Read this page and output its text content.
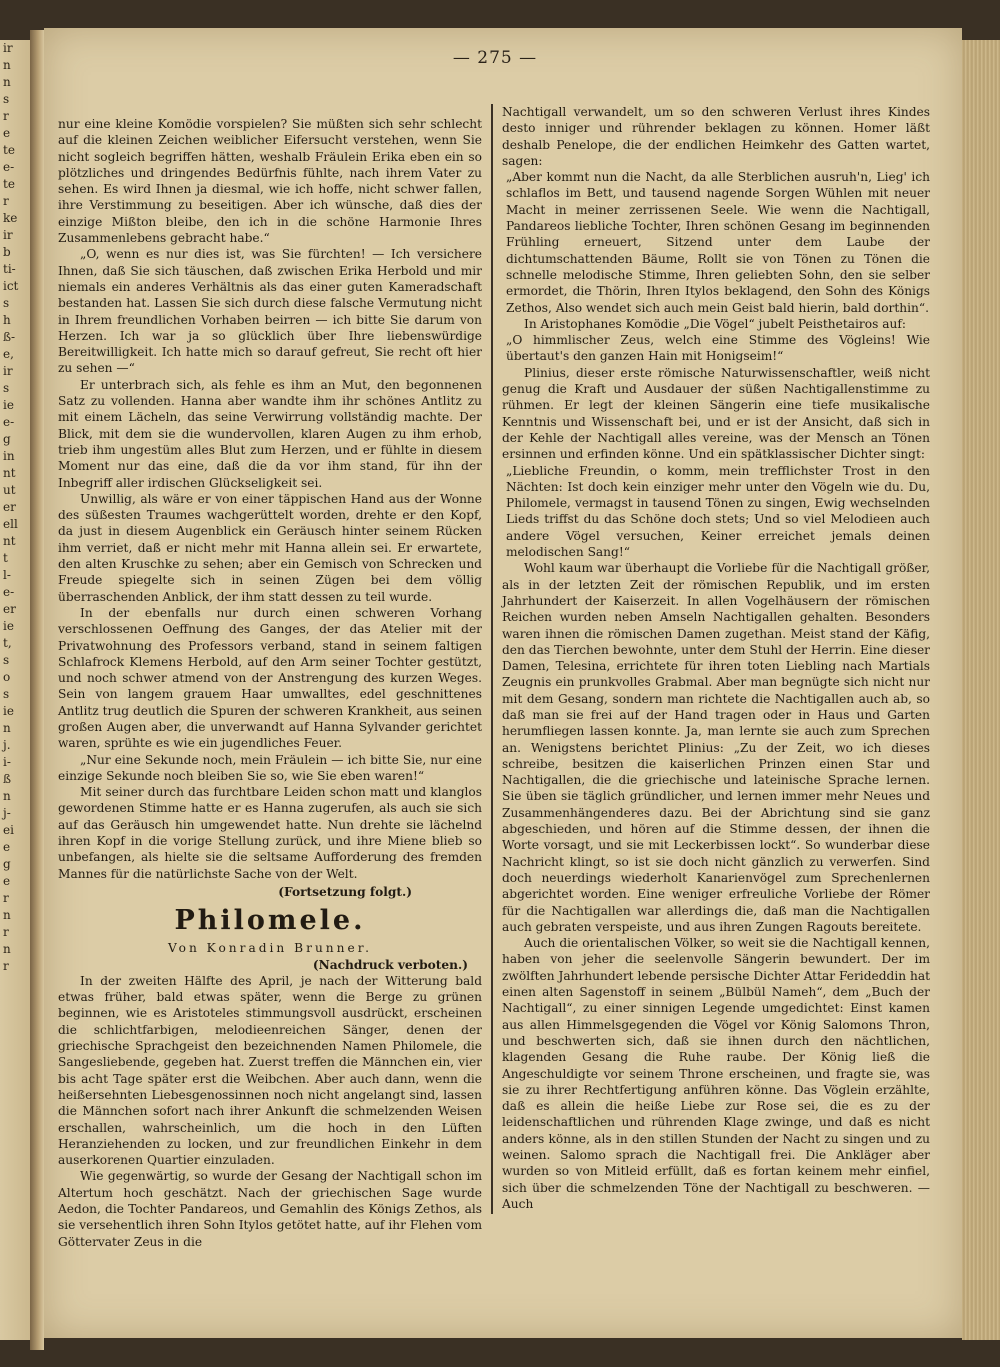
ir
n
n
s
r
e
te
e-
te
r
ke
ir
b
ti-
ict
s
h
ß-
e,
ir
s
ie
e-
g
in
nt
ut
er
ell
nt
t
l-
e-
er
ie
t,
s
o
s
ie
n
j.
i-
ß
n
j-
ei
e
g
e
r
n
r
n
r
— 275 —

nur eine kleine Komödie vorspielen? Sie müßten sich sehr schlecht auf die kleinen Zeichen weiblicher Eifersucht verstehen, wenn Sie nicht sogleich begriffen hätten, weshalb Fräulein Erika eben ein so plötzliches und dringendes Bedürfnis fühlte, nach ihrem Vater zu sehen. Es wird Ihnen ja diesmal, wie ich hoffe, nicht schwer fallen, ihre Verstimmung zu beseitigen. Aber ich wünsche, daß dies der einzige Mißton bleibe, den ich in die schöne Harmonie Ihres Zusammenlebens gebracht habe.“

„O, wenn es nur dies ist, was Sie fürchten! — Ich versichere Ihnen, daß Sie sich täuschen, daß zwischen Erika Herbold und mir niemals ein anderes Verhältnis als das einer guten Kameradschaft bestanden hat. Lassen Sie sich durch diese falsche Vermutung nicht in Ihrem freundlichen Vorhaben beirren — ich bitte Sie darum von Herzen. Ich war ja so glücklich über Ihre liebenswürdige Bereitwilligkeit. Ich hatte mich so darauf gefreut, Sie recht oft hier zu sehen —“

Er unterbrach sich, als fehle es ihm an Mut, den begonnenen Satz zu vollenden. Hanna aber wandte ihm ihr schönes Antlitz zu mit einem Lächeln, das seine Verwirrung vollständig machte. Der Blick, mit dem sie die wundervollen, klaren Augen zu ihm erhob, trieb ihm ungestüm alles Blut zum Herzen, und er fühlte in diesem Moment nur das eine, daß die da vor ihm stand, für ihn der Inbegriff aller irdischen Glückseligkeit sei.

Unwillig, als wäre er von einer täppischen Hand aus der Wonne des süßesten Traumes wachgerüttelt worden, drehte er den Kopf, da just in diesem Augenblick ein Geräusch hinter seinem Rücken ihm verriet, daß er nicht mehr mit Hanna allein sei. Er erwartete, den alten Kruschke zu sehen; aber ein Gemisch von Schrecken und Freude spiegelte sich in seinen Zügen bei dem völlig überraschenden Anblick, der ihm statt dessen zu teil wurde.

In der ebenfalls nur durch einen schweren Vorhang verschlossenen Oeffnung des Ganges, der das Atelier mit der Privatwohnung des Professors verband, stand in seinem faltigen Schlafrock Klemens Herbold, auf den Arm seiner Tochter gestützt, und noch schwer atmend von der Anstrengung des kurzen Weges. Sein von langem grauem Haar umwalltes, edel geschnittenes Antlitz trug deutlich die Spuren der schweren Krankheit, aus seinen großen Augen aber, die unverwandt auf Hanna Sylvander gerichtet waren, sprühte es wie ein jugendliches Feuer.

„Nur eine Sekunde noch, mein Fräulein — ich bitte Sie, nur eine einzige Sekunde noch bleiben Sie so, wie Sie eben waren!“

Mit seiner durch das furchtbare Leiden schon matt und klanglos gewordenen Stimme hatte er es Hanna zugerufen, als auch sie sich auf das Geräusch hin umgewendet hatte. Nun drehte sie lächelnd ihren Kopf in die vorige Stellung zurück, und ihre Miene blieb so unbefangen, als hielte sie die seltsame Aufforderung des fremden Mannes für die natürlichste Sache von der Welt.

(Fortsetzung folgt.)

Philomele.

Von Konradin Brunner.

(Nachdruck verboten.)

In der zweiten Hälfte des April, je nach der Witterung bald etwas früher, bald etwas später, wenn die Berge zu grünen beginnen, wie es Aristoteles stimmungsvoll ausdrückt, erscheinen die schlichtfarbigen, melodieenreichen Sänger, denen der griechische Sprachgeist den bezeichnenden Namen Philomele, die Sangesliebende, gegeben hat. Zuerst treffen die Männchen ein, vier bis acht Tage später erst die Weibchen. Aber auch dann, wenn die heißersehnten Liebesgenossinnen noch nicht angelangt sind, lassen die Männchen sofort nach ihrer Ankunft die schmelzenden Weisen erschallen, wahrscheinlich, um die hoch in den Lüften Heranziehenden zu locken, und zur freundlichen Einkehr in dem auserkorenen Quartier einzuladen.

Wie gegenwärtig, so wurde der Gesang der Nachtigall schon im Altertum hoch geschätzt. Nach der griechischen Sage wurde Aedon, die Tochter Pandareos, und Gemahlin des Königs Zethos, als sie versehentlich ihren Sohn Itylos getötet hatte, auf ihr Flehen vom Göttervater Zeus in die

Nachtigall verwandelt, um so den schweren Verlust ihres Kindes desto inniger und rührender beklagen zu können. Homer läßt deshalb Penelope, die der endlichen Heimkehr des Gatten wartet, sagen:

„Aber kommt nun die Nacht, da alle Sterblichen ausruh'n, Lieg' ich schlaflos im Bett, und tausend nagende Sorgen Wühlen mit neuer Macht in meiner zerrissenen Seele. Wie wenn die Nachtigall, Pandareos liebliche Tochter, Ihren schönen Gesang im beginnenden Frühling erneuert, Sitzend unter dem Laube der dichtumschattenden Bäume, Rollt sie von Tönen zu Tönen die schnelle melodische Stimme, Ihren geliebten Sohn, den sie selber ermordet, die Thörin, Ihren Itylos beklagend, den Sohn des Königs Zethos, Also wendet sich auch mein Geist bald hierin, bald dorthin“.

In Aristophanes Komödie „Die Vögel“ jubelt Peisthetairos auf:

„O himmlischer Zeus, welch eine Stimme des Vögleins! Wie übertaut's den ganzen Hain mit Honigseim!“

Plinius, dieser erste römische Naturwissenschaftler, weiß nicht genug die Kraft und Ausdauer der süßen Nachtigallenstimme zu rühmen. Er legt der kleinen Sängerin eine tiefe musikalische Kenntnis und Wissenschaft bei, und er ist der Ansicht, daß sich in der Kehle der Nachtigall alles vereine, was der Mensch an Tönen ersinnen und erfinden könne. Und ein spätklassischer Dichter singt:

„Liebliche Freundin, o komm, mein trefflichster Trost in den Nächten: Ist doch kein einziger mehr unter den Vögeln wie du. Du, Philomele, vermagst in tausend Tönen zu singen, Ewig wechselnden Lieds triffst du das Schöne doch stets; Und so viel Melodieen auch andere Vögel versuchen, Keiner erreichet jemals deinen melodischen Sang!“

Wohl kaum war überhaupt die Vorliebe für die Nachtigall größer, als in der letzten Zeit der römischen Republik, und im ersten Jahrhundert der Kaiserzeit. In allen Vogelhäusern der römischen Reichen wurden neben Amseln Nachtigallen gehalten. Besonders waren ihnen die römischen Damen zugethan. Meist stand der Käfig, den das Tierchen bewohnte, unter dem Stuhl der Herrin. Eine dieser Damen, Telesina, errichtete für ihren toten Liebling nach Martials Zeugnis ein prunkvolles Grabmal. Aber man begnügte sich nicht nur mit dem Gesang, sondern man richtete die Nachtigallen auch ab, so daß man sie frei auf der Hand tragen oder in Haus und Garten herumfliegen lassen konnte. Ja, man lernte sie auch zum Sprechen an. Wenigstens berichtet Plinius: „Zu der Zeit, wo ich dieses schreibe, besitzen die kaiserlichen Prinzen einen Star und Nachtigallen, die die griechische und lateinische Sprache lernen. Sie üben sie täglich gründlicher, und lernen immer mehr Neues und Zusammenhängenderes dazu. Bei der Abrichtung sind sie ganz abgeschieden, und hören auf die Stimme dessen, der ihnen die Worte vorsagt, und sie mit Leckerbissen lockt“. So wunderbar diese Nachricht klingt, so ist sie doch nicht gänzlich zu verwerfen. Sind doch neuerdings wiederholt Kanarienvögel zum Sprechenlernen abgerichtet worden. Eine weniger erfreuliche Vorliebe der Römer für die Nachtigallen war allerdings die, daß man die Nachtigallen auch gebraten verspeiste, und aus ihren Zungen Ragouts bereitete.

Auch die orientalischen Völker, so weit sie die Nachtigall kennen, haben von jeher die seelenvolle Sängerin bewundert. Der im zwölften Jahrhundert lebende persische Dichter Attar Ferideddin hat einen alten Sagenstoff in seinem „Bülbül Nameh“, dem „Buch der Nachtigall“, zu einer sinnigen Legende umgedichtet: Einst kamen aus allen Himmelsgegenden die Vögel vor König Salomons Thron, und beschwerten sich, daß sie ihnen durch den nächtlichen, klagenden Gesang die Ruhe raube. Der König ließ die Angeschuldigte vor seinem Throne erscheinen, und fragte sie, was sie zu ihrer Rechtfertigung anführen könne. Das Vöglein erzählte, daß es allein die heiße Liebe zur Rose sei, die es zu der leidenschaftlichen und rührenden Klage zwinge, und daß es nicht anders könne, als in den stillen Stunden der Nacht zu singen und zu weinen. Salomo sprach die Nachtigall frei. Die Ankläger aber wurden so von Mitleid erfüllt, daß es fortan keinem mehr einfiel, sich über die schmelzenden Töne der Nachtigall zu beschweren. — Auch
